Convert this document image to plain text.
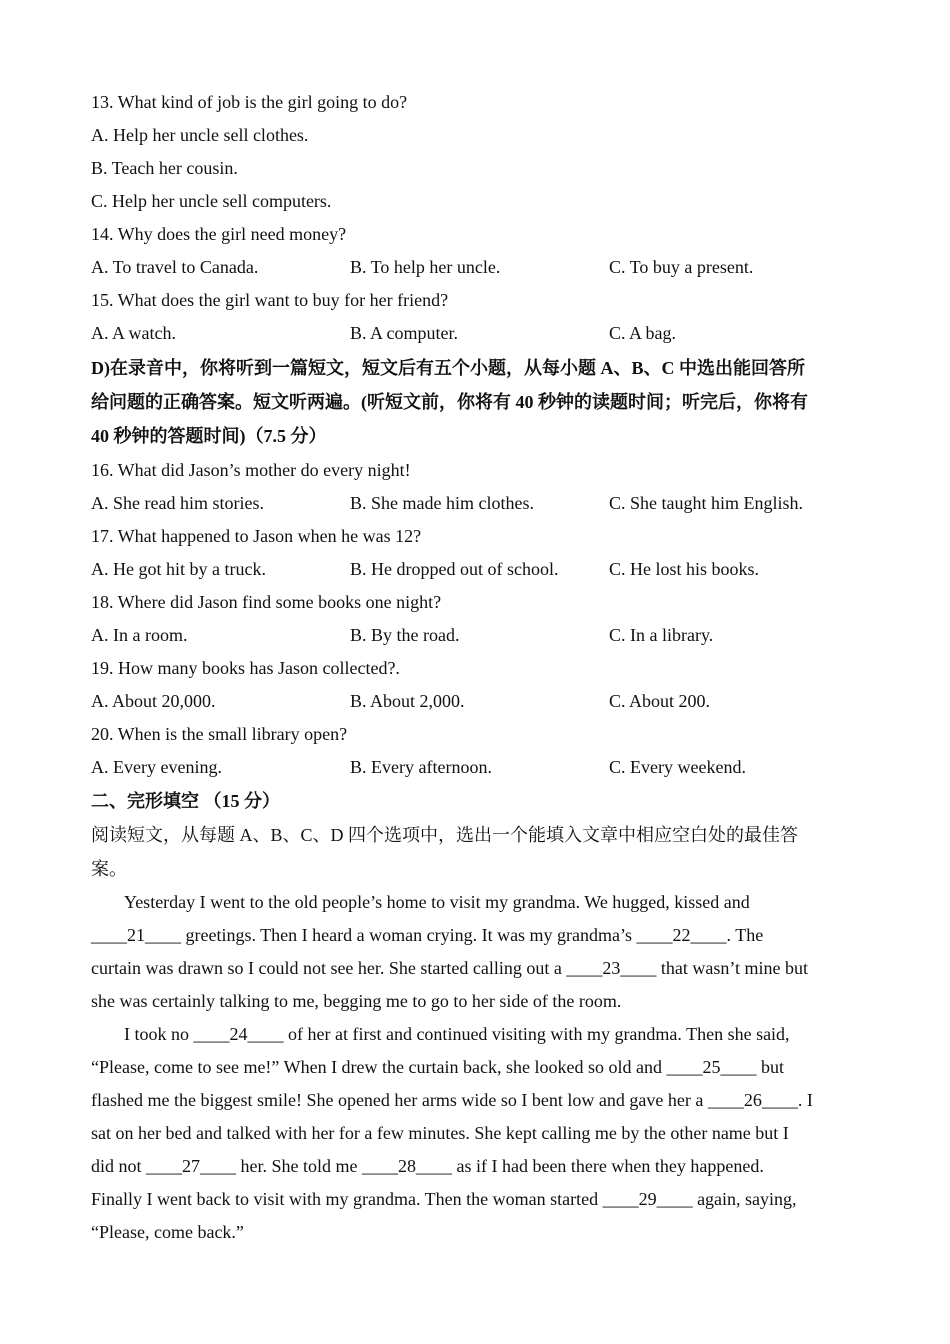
13. What kind of job is the girl going to do?
A. Help her uncle sell clothes.
B. Teach her cousin.
C. Help her uncle sell computers.
14. Why does the girl need money?
A. To travel to Canada.	B. To help her uncle.	C. To buy a present.
15. What does the girl want to buy for her friend?
A. A watch.	B. A computer.	C. A bag.
D)在录音中，你将听到一篇短文，短文后有五个小题，从每小题 A、B、C 中选出能回答所
给问题的正确答案。短文听两遍。(听短文前，你将有 40 秒钟的读题时间；听完后，你将有
40 秒钟的答题时间)（7.5 分）
16. What did Jason’s mother do every night!
A. She read him stories.	B. She made him clothes.	C. She taught him English.
17. What happened to Jason when he was 12?
A. He got hit by a truck.	B. He dropped out of school.	C. He lost his books.
18. Where did Jason find some books one night?
A. In a room.	B. By the road.	C. In a library.
19. How many books has Jason collected?.
A. About 20,000.	B. About 2,000.	C. About 200.
20. When is the small library open?
A. Every evening.	B. Every afternoon.	C. Every weekend.
二、完形填空 （15 分）
阅读短文，从每题 A、B、C、D 四个选项中，选出一个能填入文章中相应空白处的最佳答
案。
Yesterday I went to the old people’s home to visit my grandma. We hugged, kissed and
____21____ greetings. Then I heard a woman crying. It was my grandma’s ____22____. The
curtain was drawn so I could not see her. She started calling out a ____23____ that wasn’t mine but
she was certainly talking to me, begging me to go to her side of the room.
I took no ____24____ of her at first and continued visiting with my grandma. Then she said,
“Please, come to see me!” When I drew the curtain back, she looked so old and ____25____ but
flashed me the biggest smile! She opened her arms wide so I bent low and gave her a ____26____. I
sat on her bed and talked with her for a few minutes. She kept calling me by the other name but I
did not ____27____ her. She told me ____28____ as if I had been there when they happened.
Finally I went back to visit with my grandma. Then the woman started ____29____ again, saying,
“Please, come back.”
